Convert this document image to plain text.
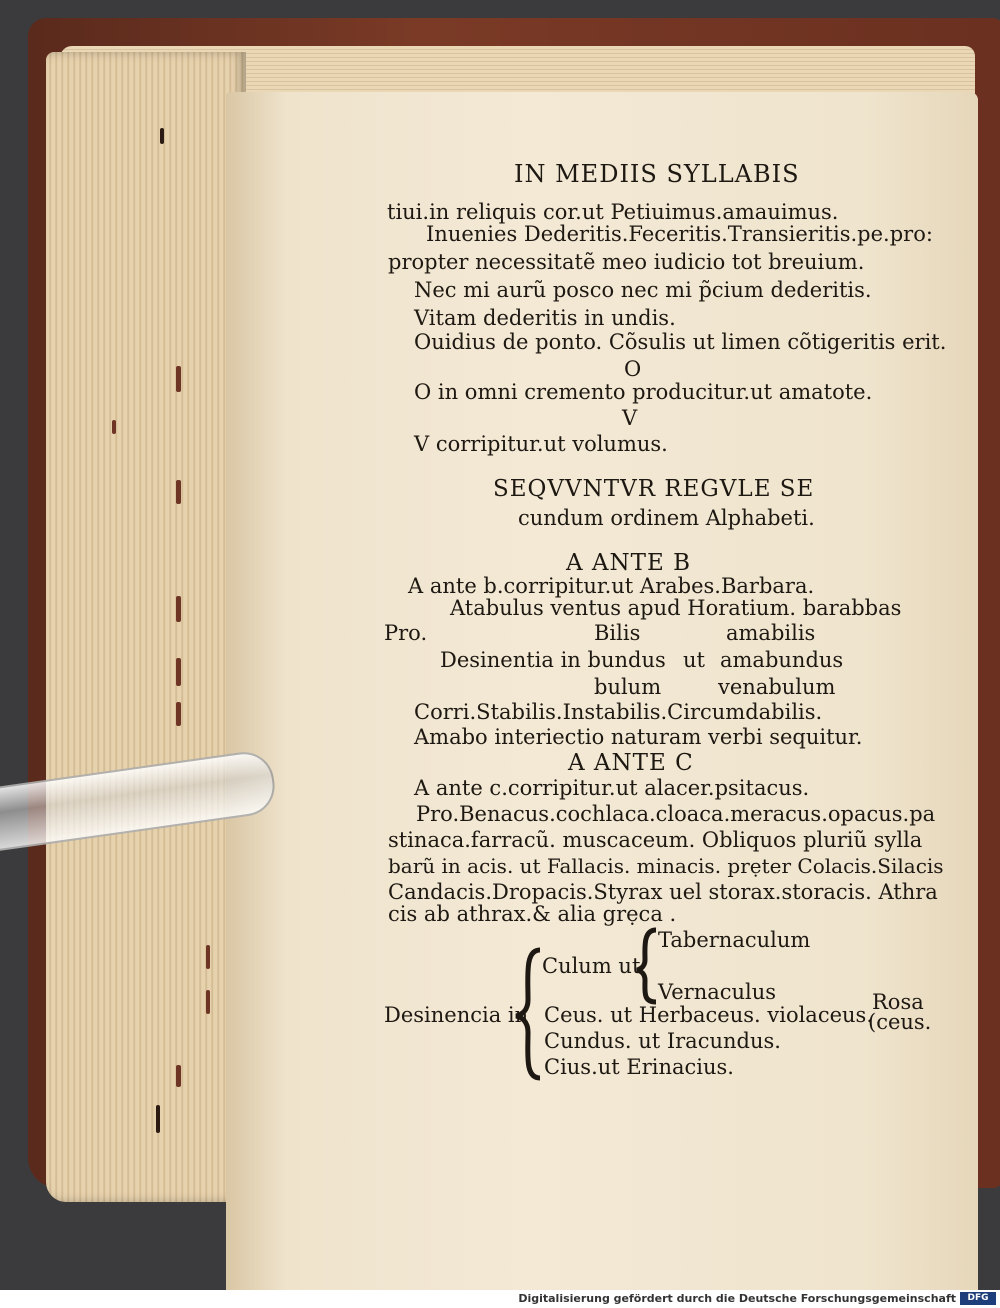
IN MEDIIS SYLLABIS
tiui.in reliquis cor.ut Petiuimus.amauimus.
Inuenies Dederitis.Feceritis.Transieritis.pe.pro:
propter necessitatẽ meo iudicio tot breuium.
Nec mi aurũ posco nec mi p̃cium dederitis.
Vitam dederitis in undis.
Ouidius de ponto. Cõsulis ut limen cõtigeritis erit.
O
O in omni cremento producitur.ut amatote.
V
V corripitur.ut volumus.
SEQVVNTVR REGVLE SE
cundum ordinem Alphabeti.
A ANTE B
A ante b.corripitur.ut Arabes.Barbara.
Atabulus ventus apud Horatium. barabbas
Pro.	Bilis	amabilis
Desinentia in bundus ut amabundus
bulum	venabulum
Corri.Stabilis.Instabilis.Circumdabilis.
Amabo interiectio naturam verbi sequitur.
A ANTE C
A ante c.corripitur.ut alacer.psitacus.
Pro.Benacus.cochlaca.cloaca.meracus.opacus.pa
stinaca.farracũ. muscaceum. Obliquos pluriũ sylla
barũ in acis. ut Fallacis. minacis. prẹter Colacis.Silacis
Candacis.Dropacis.Styrax uel storax.storacis. Athra
cis ab athrax.& alia grẹca .
Tabernaculum
Culum ut
Vernaculus
Desinencia in Ceus. ut Herbaceus. violaceus.
Rosa
(ceus.
Cundus. ut Iracundus.
Cius.ut Erinacius.
Digitalisierung gefördert durch die Deutsche Forschungsgemeinschaft	DFG
